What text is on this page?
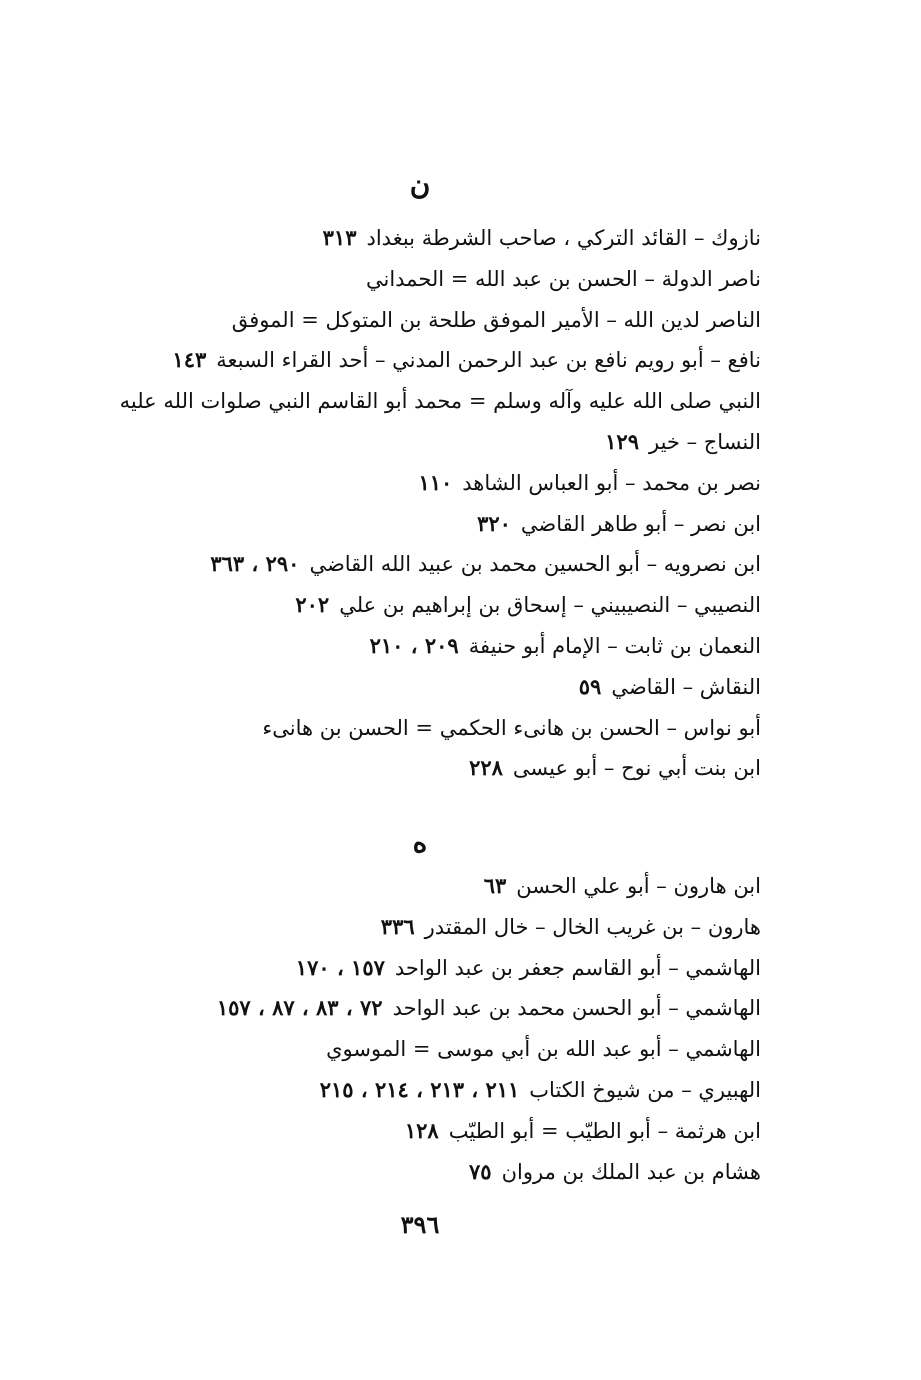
ن
نازوك – القائد التركي ، صاحب الشرطة ببغداد٣١٣
ناصر الدولة – الحسن بن عبد الله = الحمداني
الناصر لدين الله – الأمير الموفق طلحة بن المتوكل = الموفق
نافع – أبو رويم نافع بن عبد الرحمن المدني – أحد القراء السبعة١٤٣
النبي صلى الله عليه وآله وسلم = محمد أبو القاسم النبي صلوات الله عليه
النساج – خير١٢٩
نصر بن محمد – أبو العباس الشاهد١١٠
ابن نصر – أبو طاهر القاضي٣٢٠
ابن نصرويه – أبو الحسين محمد بن عبيد الله القاضي٢٩٠ ، ٣٦٣
النصيبي – النصيبيني – إسحاق بن إبراهيم بن علي٢٠٢
النعمان بن ثابت – الإمام أبو حنيفة٢٠٩ ، ٢١٠
النقاش – القاضي٥٩
أبو نواس – الحسن بن هانىء الحكمي = الحسن بن هانىء
ابن بنت أبي نوح – أبو عيسى٢٢٨
ه
ابن هارون – أبو علي الحسن٦٣
هارون – بن غريب الخال – خال المقتدر٣٣٦
الهاشمي – أبو القاسم جعفر بن عبد الواحد١٥٧ ، ١٧٠
الهاشمي – أبو الحسن محمد بن عبد الواحد٧٢ ، ٨٣ ، ٨٧ ، ١٥٧
الهاشمي – أبو عبد الله بن أبي موسى = الموسوي
الهبيري – من شيوخ الكتاب٢١١ ، ٢١٣ ، ٢١٤ ، ٢١٥
ابن هرثمة – أبو الطيّب = أبو الطيّب١٢٨
هشام بن عبد الملك بن مروان٧٥
٣٩٦
